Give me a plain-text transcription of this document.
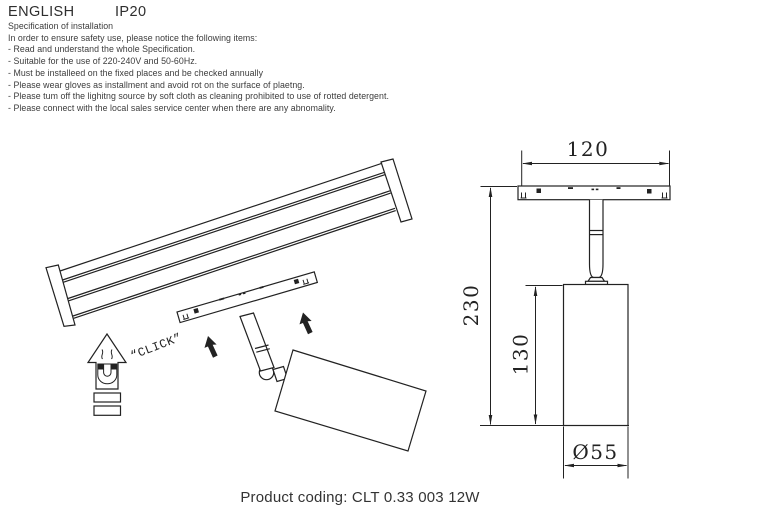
ENGLISH	IP20
Specification of installation
In order to ensure safety use, please notice the following items:
- Read and understand the whole Specification.
- Suitable for the use of 220-240V and 50-60Hz.
- Must be installeed on the fixed places and be checked annually
- Please wear gloves as installment and avoid rot on the surface of plaetng.
- Please tum off the lighitng source by soft cloth as cleaning prohibited to use of rotted detergent.
- Please connect with the local sales service center when there are any abnomality.
“CLICK”
120
230
130
Ø55
Product coding: CLT 0.33 003 12W
